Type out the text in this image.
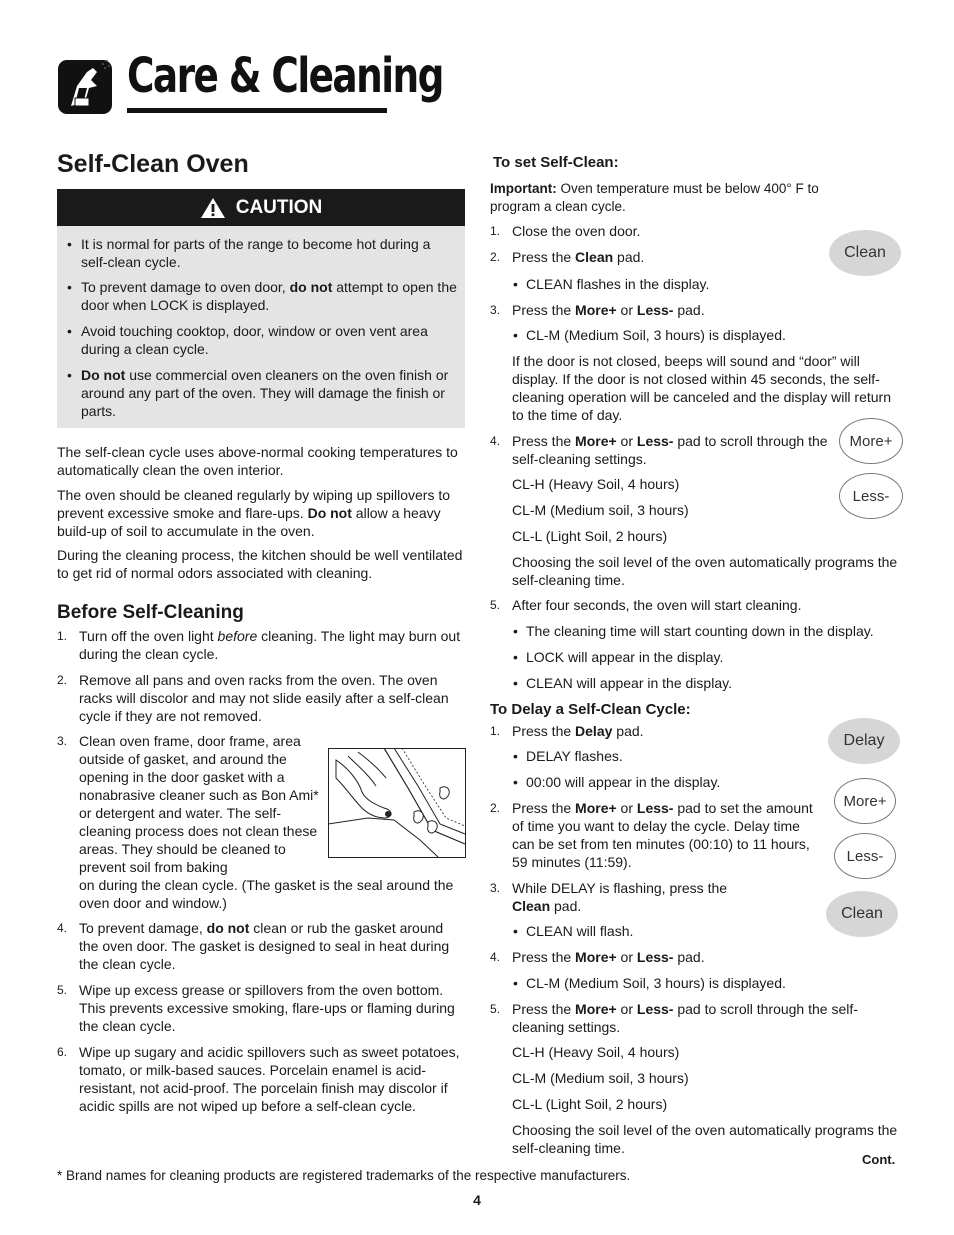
Care & Cleaning
Self-Clean Oven
CAUTION
• It is normal for parts of the range to become hot during a self-clean cycle.
• To prevent damage to oven door, do not attempt to open the door when LOCK is displayed.
• Avoid touching cooktop, door, window or oven vent area during a clean cycle.
• Do not use commercial oven cleaners on the oven finish or around any part of the oven. They will damage the finish or parts.

The self-clean cycle uses above-normal cooking temperatures to automatically clean the oven interior.

The oven should be cleaned regularly by wiping up spillovers to prevent excessive smoke and flare-ups. Do not allow a heavy build-up of soil to accumulate in the oven.

During the cleaning process, the kitchen should be well ventilated to get rid of normal odors associated with cleaning.

Before Self-Cleaning
1. Turn off the oven light before cleaning. The light may burn out during the clean cycle.
2. Remove all pans and oven racks from the oven. The oven racks will discolor and may not slide easily after a self-clean cycle if they are not removed.
3. Clean oven frame, door frame, area outside of gasket, and around the opening in the door gasket with a nonabrasive cleaner such as Bon Ami* or detergent and water. The self-cleaning process does not clean these areas. They should be cleaned to prevent soil from baking
on during the clean cycle. (The gasket is the seal around the oven door and window.)
4. To prevent damage, do not clean or rub the gasket around the oven door. The gasket is designed to seal in heat during the clean cycle.
5. Wipe up excess grease or spillovers from the oven bottom. This prevents excessive smoking, flare-ups or flaming during the clean cycle.
6. Wipe up sugary and acidic spillovers such as sweet potatoes, tomato, or milk-based sauces. Porcelain enamel is acid-resistant, not acid-proof. The porcelain finish may discolor if acidic spills are not wiped up before a self-clean cycle.
To set Self-Clean:

Important: Oven temperature must be below 400° F to program a clean cycle.

1. Close the oven door.
2. Press the Clean pad.
• CLEAN flashes in the display.
3. Press the More+ or Less- pad.
• CL-M (Medium Soil, 3 hours) is displayed.
If the door is not closed, beeps will sound and “door” will display. If the door is not closed within 45 seconds, the self-cleaning operation will be canceled and the display will return to the time of day.
4. Press the More+ or Less- pad to scroll through the self-cleaning settings.
CL-H (Heavy Soil, 4 hours)
CL-M (Medium soil, 3 hours)
CL-L (Light Soil, 2 hours)
Choosing the soil level of the oven automatically programs the self-cleaning time.
5. After four seconds, the oven will start cleaning.
• The cleaning time will start counting down in the display.
• LOCK will appear in the display.
• CLEAN will appear in the display.
To Delay a Self-Clean Cycle:
1. Press the Delay pad.
• DELAY flashes.
• 00:00 will appear in the display.
2. Press the More+ or Less- pad to set the amount of time you want to delay the cycle. Delay time can be set from ten minutes (00:10) to 11 hours, 59 minutes (11:59).
3. While DELAY is flashing, press the Clean pad.
• CLEAN will flash.
4. Press the More+ or Less- pad.
• CL-M (Medium Soil, 3 hours) is displayed.
5. Press the More+ or Less- pad to scroll through the self-cleaning settings.
CL-H (Heavy Soil, 4 hours)
CL-M (Medium soil, 3 hours)
CL-L (Light Soil, 2 hours)
Choosing the soil level of the oven automatically programs the self-cleaning time.
Cont.
Clean
More+
Less-
Delay
More+
Less-
Clean
* Brand names for cleaning products are registered trademarks of the respective manufacturers.
4
